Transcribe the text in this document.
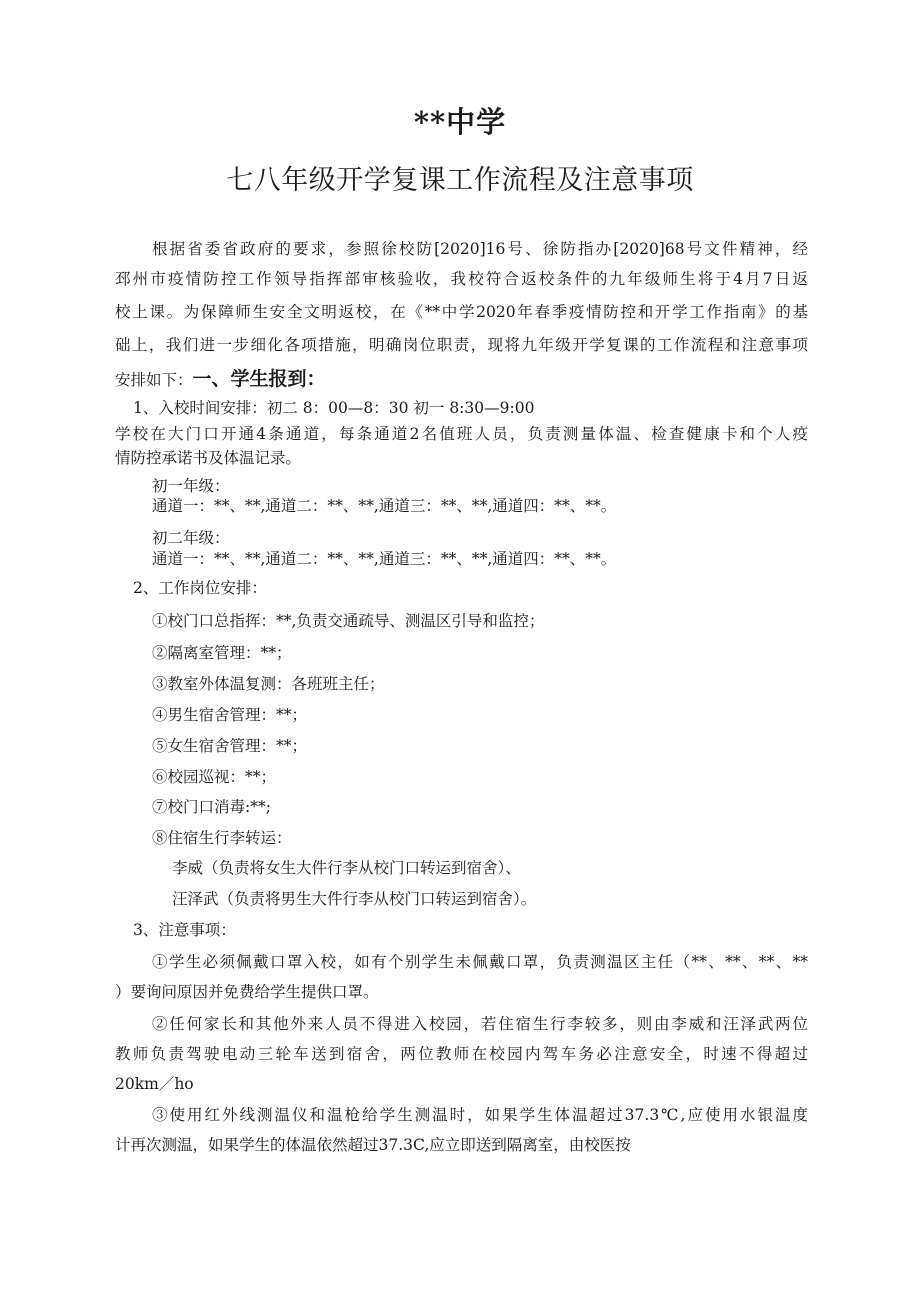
**中学
七八年级开学复课工作流程及注意事项
根据省委省政府的要求，参照徐校防[2020]16号、徐防指办[2020]68号文件精神，经
邳州市疫情防控工作领导指挥部审核验收，我校符合返校条件的九年级师生将于4月7日返
校上课。为保障师生安全文明返校，在《**中学2020年春季疫情防控和开学工作指南》的基
础上，我们进一步细化各项措施，明确岗位职责，现将九年级开学复课的工作流程和注意事项
安排如下：一、学生报到：
1、入校时间安排：初二 8：00—8：30 初一 8:30—9:00
学校在大门口开通4条通道，每条通道2名值班人员，负责测量体温、检查健康卡和个人疫
情防控承诺书及体温记录。
初一年级：
通道一：**、**,通道二：**、**,通道三：**、**,通道四：**、**。
初二年级：
通道一：**、**,通道二：**、**,通道三：**、**,通道四：**、**。
2、工作岗位安排：
①校门口总指挥：**,负责交通疏导、测温区引导和监控；
②隔离室管理：**；
③教室外体温复测：各班班主任；
④男生宿舍管理：**；
⑤女生宿舍管理：**；
⑥校园巡视：**；
⑦校门口消毒:**;
⑧住宿生行李转运：
李威（负责将女生大件行李从校门口转运到宿舍）、
汪泽武（负责将男生大件行李从校门口转运到宿舍）。
3、注意事项：
①学生必须佩戴口罩入校，如有个别学生未佩戴口罩，负责测温区主任（**、**、**、**
）要询问原因并免费给学生提供口罩。
②任何家长和其他外来人员不得进入校园，若住宿生行李较多，则由李威和汪泽武两位
教师负责驾驶电动三轮车送到宿舍，两位教师在校园内驾车务必注意安全，时速不得超过
20km／ho
③使用红外线测温仪和温枪给学生测温时，如果学生体温超过37.3℃,应使用水银温度
计再次测温，如果学生的体温依然超过37.3C,应立即送到隔离室，由校医按
